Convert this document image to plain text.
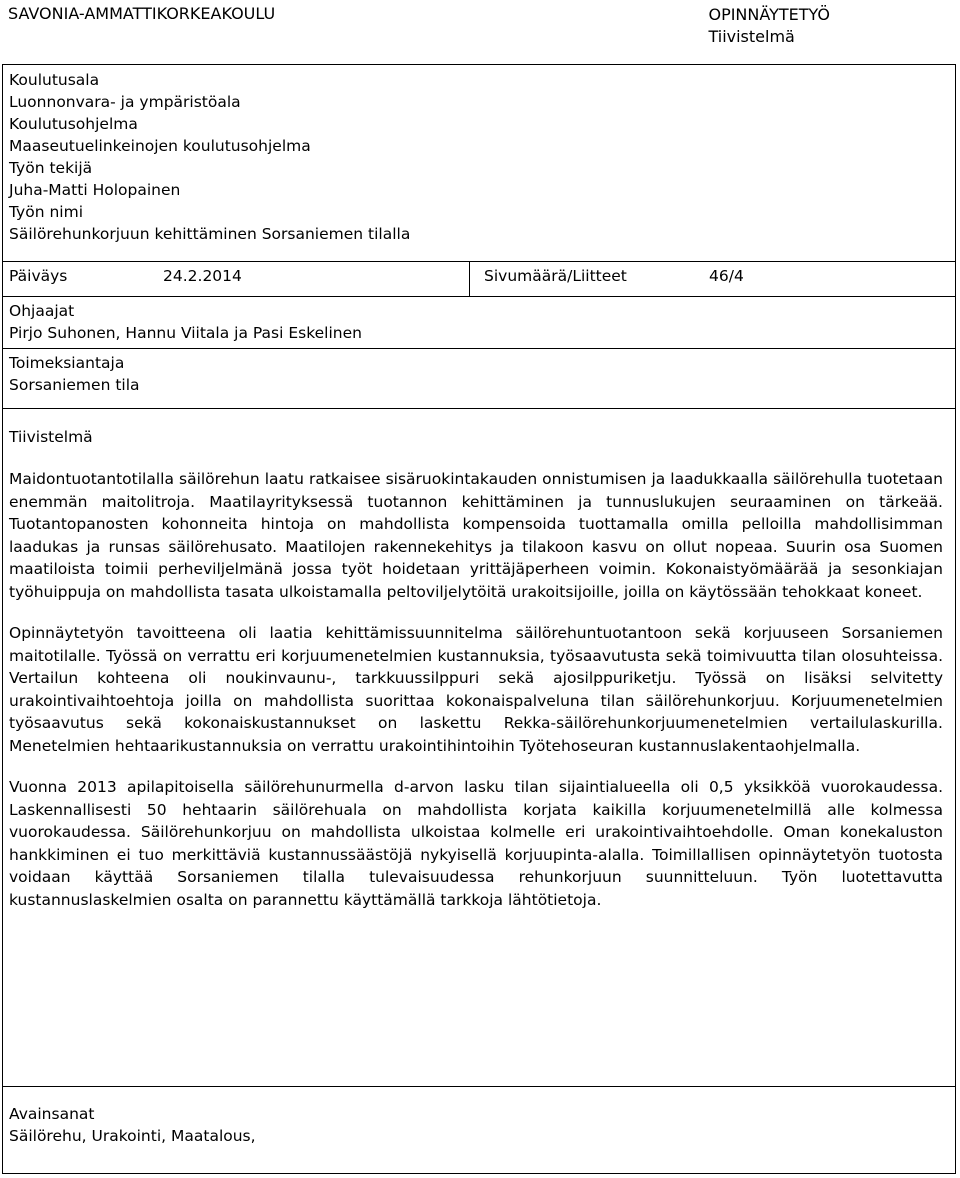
SAVONIA-AMMATTIKORKEAKOULU	OPINNÄYTETYÖ
Tiivistelmä
Koulutusala
Luonnonvara- ja ympäristöala
Koulutusohjelma
Maaseutuelinkeinojen koulutusohjelma
Työn tekijä
Juha-Matti Holopainen
Työn nimi
Säilörehunkorjuun kehittäminen Sorsaniemen tilalla
Päiväys	24.2.2014	Sivumäärä/Liitteet	46/4
Ohjaajat
Pirjo Suhonen, Hannu Viitala ja Pasi Eskelinen
Toimeksiantaja
Sorsaniemen tila
Tiivistelmä

Maidontuotantotilalla säilörehun laatu ratkaisee sisäruokintakauden onnistumisen ja laadukkaalla säilörehulla tuotetaan enemmän maitolitroja. Maatilayrityksessä tuotannon kehittäminen ja tunnuslukujen seuraaminen on tärkeää. Tuotantopanosten kohonneita hintoja on mahdollista kompensoida tuottamalla omilla pelloilla mahdollisimman laadukas ja runsas säilörehusato. Maatilojen rakennekehitys ja tilakoon kasvu on ollut nopeaa. Suurin osa Suomen maatiloista toimii perheviljelmänä jossa työt hoidetaan yrittäjäperheen voimin. Kokonaistyömäärää ja sesonkiajan työhuippuja on mahdollista tasata ulkoistamalla peltoviljelytöitä urakoitsijoille, joilla on käytössään tehokkaat koneet.

Opinnäytetyön tavoitteena oli laatia kehittämissuunnitelma säilörehuntuotantoon sekä korjuuseen Sorsaniemen maitotilalle. Työssä on verrattu eri korjuumenetelmien kustannuksia, työsaavutusta sekä toimivuutta tilan olosuhteissa. Vertailun kohteena oli noukinvaunu-, tarkkuussilppuri sekä ajosilppuriketju. Työssä on lisäksi selvitetty urakointivaihtoehtoja joilla on mahdollista suorittaa kokonaispalveluna tilan säilörehunkorjuu. Korjuumenetelmien työsaavutus sekä kokonaiskustannukset on laskettu Rekka-säilörehunkorjuumenetelmien vertailulaskurilla. Menetelmien hehtaarikustannuksia on verrattu urakointihintoihin Työtehoseuran kustannuslakentaohjelmalla.

Vuonna 2013 apilapitoisella säilörehunurmella d-arvon lasku tilan sijaintialueella oli 0,5 yksikköä vuorokaudessa. Laskennallisesti 50 hehtaarin säilörehuala on mahdollista korjata kaikilla korjuumenetelmillä alle kolmessa vuorokaudessa. Säilörehunkorjuu on mahdollista ulkoistaa kolmelle eri urakointivaihtoehdolle. Oman konekaluston hankkiminen ei tuo merkittäviä kustannussäästöjä nykyisellä korjuupinta-alalla. Toimillallisen opinnäytetyön tuotosta voidaan käyttää Sorsaniemen tilalla tulevaisuudessa rehunkorjuun suunnitteluun. Työn luotettavutta kustannuslaskelmien osalta on parannettu käyttämällä tarkkoja lähtötietoja.

Avainsanat
Säilörehu, Urakointi, Maatalous,
